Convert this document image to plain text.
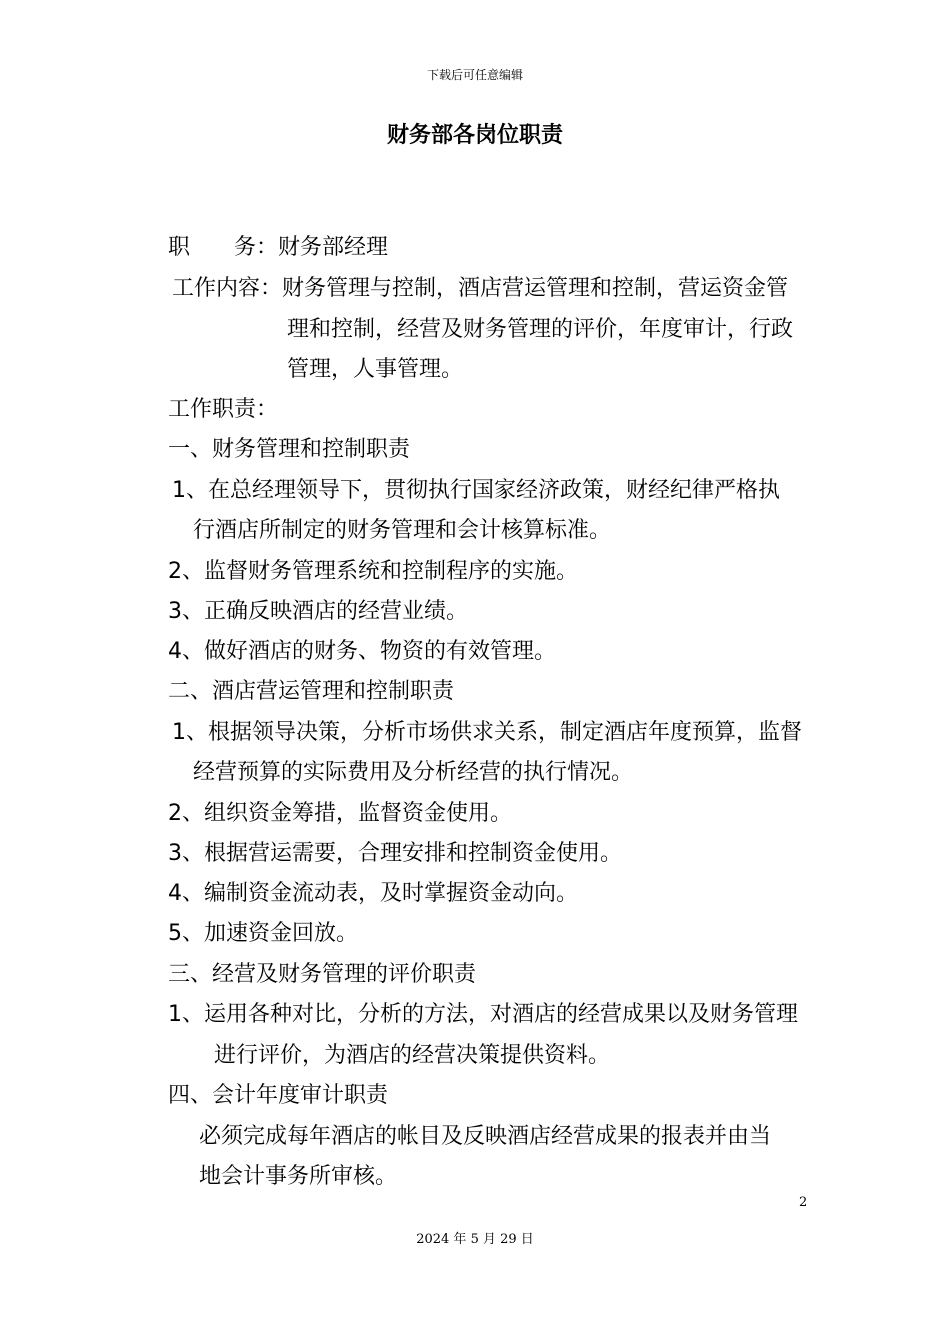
下载后可任意编辑
财务部各岗位职责
职　　务：财务部经理
工作内容：财务管理与控制，酒店营运管理和控制，营运资金管
理和控制，经营及财务管理的评价，年度审计，行政
管理，人事管理。
工作职责：
一、财务管理和控制职责
1、在总经理领导下，贯彻执行国家经济政策，财经纪律严格执
行酒店所制定的财务管理和会计核算标准。
2、监督财务管理系统和控制程序的实施。
3、正确反映酒店的经营业绩。
4、做好酒店的财务、物资的有效管理。
二、酒店营运管理和控制职责
1、根据领导决策，分析市场供求关系，制定酒店年度预算，监督
经营预算的实际费用及分析经营的执行情况。
2、组织资金筹措，监督资金使用。
3、根据营运需要，合理安排和控制资金使用。
4、编制资金流动表，及时掌握资金动向。
5、加速资金回放。
三、经营及财务管理的评价职责
1、运用各种对比，分析的方法，对酒店的经营成果以及财务管理
进行评价，为酒店的经营决策提供资料。
四、会计年度审计职责
必须完成每年酒店的帐目及反映酒店经营成果的报表并由当
地会计事务所审核。
2
2024 年 5 月 29 日
